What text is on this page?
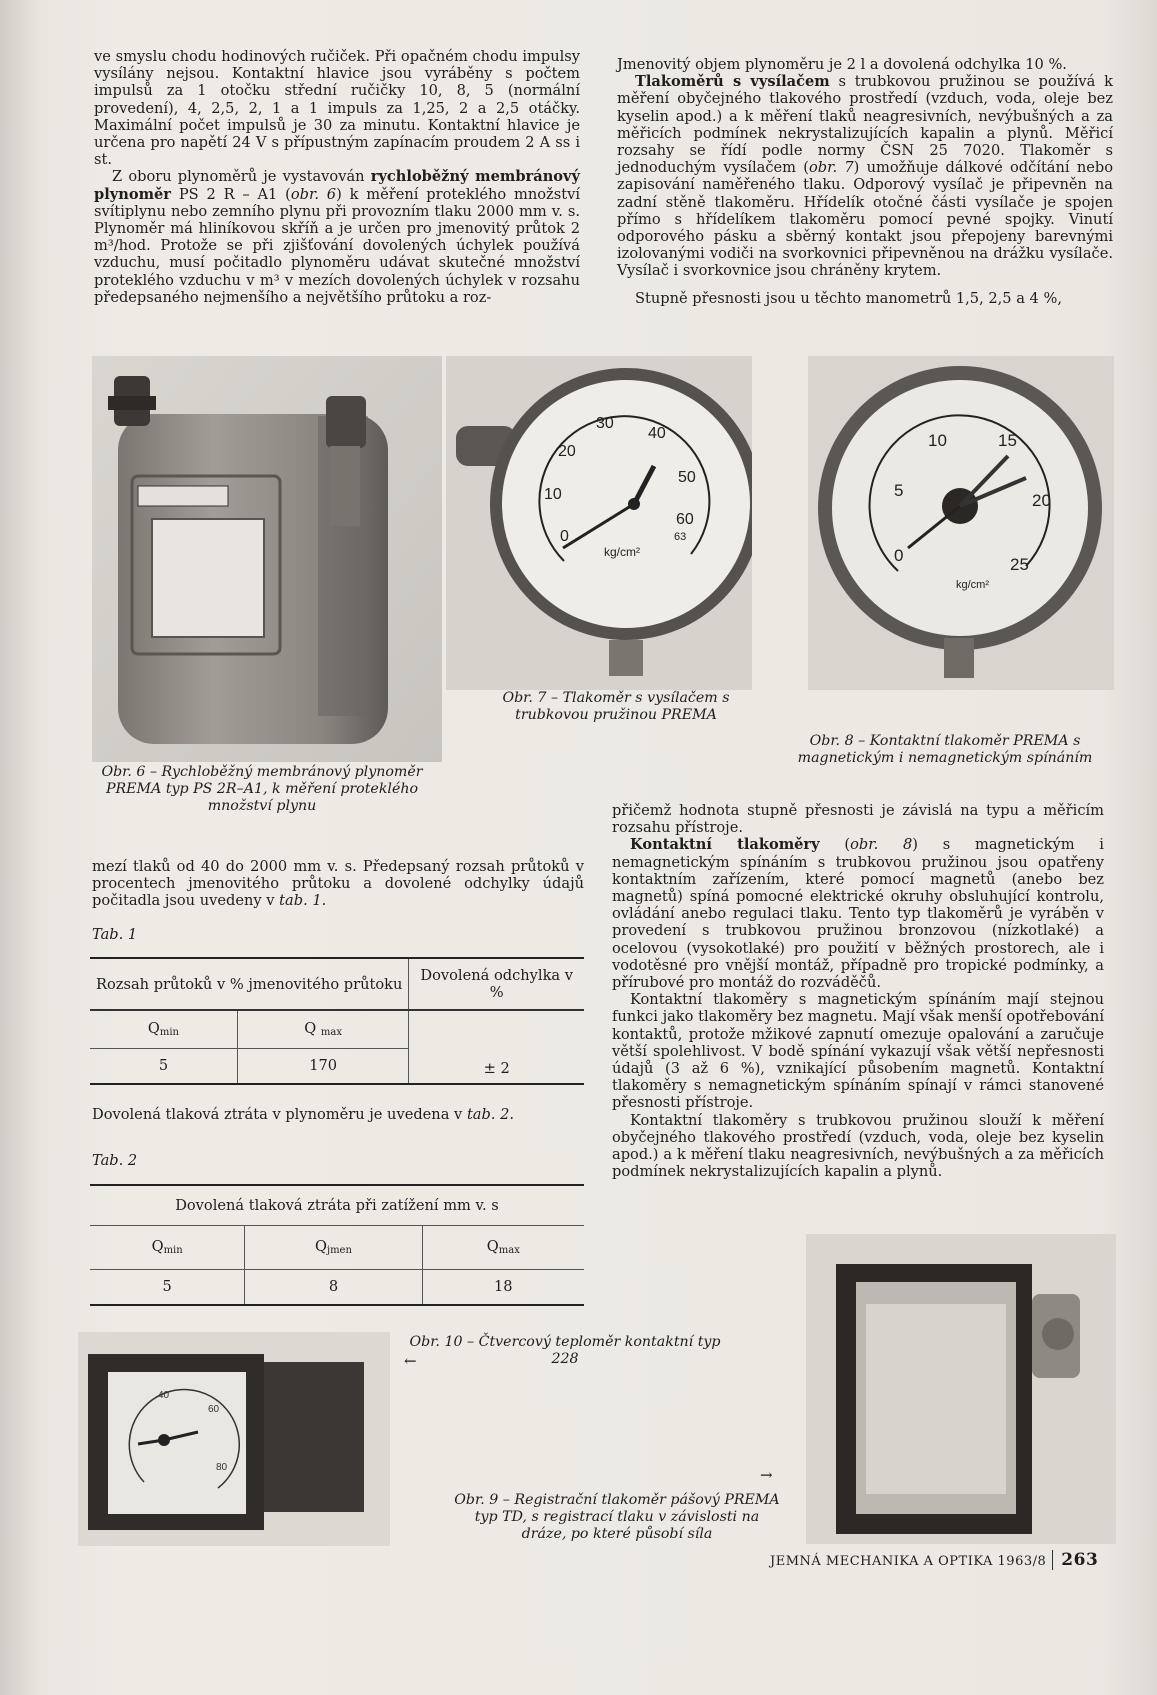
ve smyslu chodu hodinových ručiček. Při opačném chodu impulsy vysílány nejsou. Kontaktní hlavice jsou vyráběny s počtem impulsů za 1 otočku střední ručičky 10, 8, 5 (normální provedení), 4, 2,5, 2, 1 a 1 impuls za 1,25, 2 a 2,5 otáčky. Maximální počet impulsů je 30 za minutu. Kontaktní hlavice je určena pro napětí 24 V s přípustným zapínacím proudem 2 A ss i st.

Z oboru plynoměrů je vystavován rychloběžný membránový plynoměr PS 2 R – A1 (obr. 6) k měření proteklého množství svítiplynu nebo zemního plynu při provozním tlaku 2000 mm v. s. Plynoměr má hliníkovou skříň a je určen pro jmenovitý průtok 2 m³/hod. Protože se při zjišťování dovolených úchylek používá vzduchu, musí počitadlo plynoměru udávat skutečné množství proteklého vzduchu v m³ v mezích dovolených úchylek v rozsahu předepsaného nejmenšího a největšího průtoku a roz-

Jmenovitý objem plynoměru je 2 l a dovolená odchylka 10 %.

Tlakoměrů s vysílačem s trubkovou pružinou se používá k měření obyčejného tlakového prostředí (vzduch, voda, oleje bez kyselin apod.) a k měření tlaků neagresivních, nevýbušných a za měřicích podmínek nekrystalizujících kapalin a plynů. Měřicí rozsahy se řídí podle normy ČSN 25 7020. Tlakoměr s jednoduchým vysílačem (obr. 7) umožňuje dálkové odčítání nebo zapisování naměřeného tlaku. Odporový vysílač je připevněn na zadní stěně tlakoměru. Hřídelík otočné části vysílače je spojen přímo s hřídelíkem tlakoměru pomocí pevné spojky. Vinutí odporového pásku a sběrný kontakt jsou přepojeny barevnými izolovanými vodiči na svorkovnici připevněnou na drážku vysílače. Vysílač i svorkovnice jsou chráněny krytem.

Stupně přesnosti jsou u těchto manometrů 1,5, 2,5 a 4 %,

0
10
20
30
40
50
60
63
kg/cm²	0
5
10	15
20
25
kg/cm²
Obr. 7 – Tlakoměr s vysílačem s trubkovou pružinou PREMA
Obr. 8 – Kontaktní tlakoměr PREMA s magnetickým i nemagnetickým spínáním
Obr. 6 – Rychloběžný membránový plynoměr PREMA typ PS 2R–A1, k měření proteklého množství plynu

mezí tlaků od 40 do 2000 mm v. s. Předepsaný rozsah průtoků v procentech jmenovitého průtoku a dovolené odchylky údajů počitadla jsou uvedeny v tab. 1.

Tab. 1
Rozsah průtoků v % jmenovitého průtoku		Dovolená odchylka v %
$Q_{min}$	Q $_{max}$	± 2
5	170	

Dovolená tlaková ztráta v plynoměru je uvedena v tab. 2.

Tab. 2
Dovolená tlaková ztráta při zatížení mm v. s		
$Q_{min}$	$Q_{jmen}$	$Q_{max}$
5	8	18

přičemž hodnota stupně přesnosti je závislá na typu a měřicím rozsahu přístroje.

Kontaktní tlakoměry (obr. 8) s magnetickým i nemagnetickým spínáním s trubkovou pružinou jsou opatřeny kontaktním zařízením, které pomocí magnetů (anebo bez magnetů) spíná pomocné elektrické okruhy obsluhující kontrolu, ovládání anebo regulaci tlaku. Tento typ tlakoměrů je vyráběn v provedení s trubkovou pružinou bronzovou (nízkotlaké) a ocelovou (vysokotlaké) pro použití v běžných prostorech, ale i vodotěsné pro vnější montáž, případně pro tropické podmínky, a přírubové pro montáž do rozváděčů.

Kontaktní tlakoměry s magnetickým spínáním mají stejnou funkci jako tlakoměry bez magnetu. Mají však menší opotřebování kontaktů, protože mžikové zapnutí omezuje opalování a zaručuje větší spolehlivost. V bodě spínání vykazují však větší nepřesnosti údajů (3 až 6 %), vznikající působením magnetů. Kontaktní tlakoměry s nemagnetickým spínáním spínají v rámci stanovené přesnosti přístroje.

Kontaktní tlakoměry s trubkovou pružinou slouží k měření obyčejného tlakového prostředí (vzduch, voda, oleje bez kyselin apod.) a k měření tlaku neagresivních, nevýbušných a za měřicích podmínek nekrystalizujících kapalin a plynů.

Obr. 10 – Čtvercový teploměr kontaktní typ 228
←
40
60
80	→
Obr. 9 – Registrační tlakoměr pášový PREMA typ TD, s registrací tlaku v závislosti na dráze, po které působí síla
JEMNÁ MECHANIKA A OPTIKA 1963/8 263
